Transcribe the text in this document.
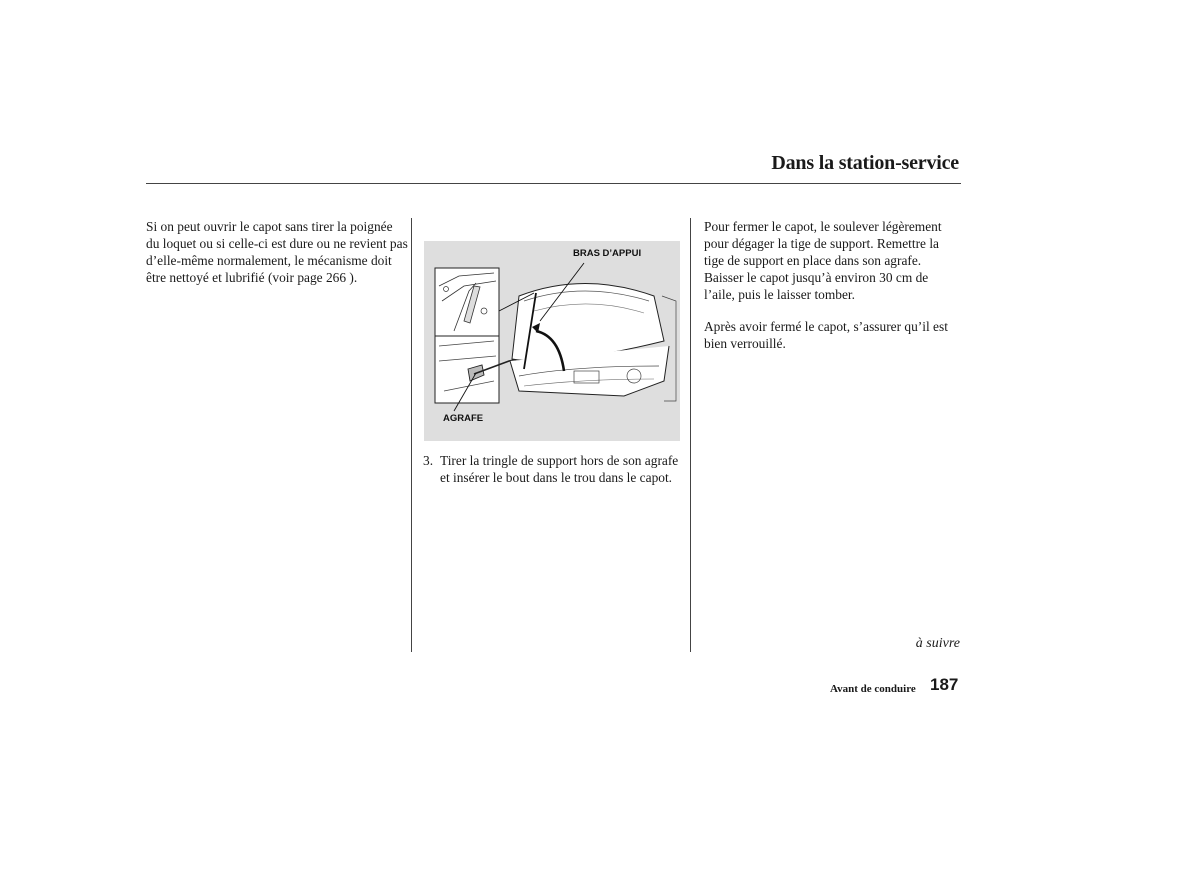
Dans la station-service

Si on peut ouvrir le capot sans tirer la poignée du loquet ou si celle-ci est dure ou ne revient pas d’elle-même normalement, le mécanisme doit être nettoyé et lubrifié (voir page 266 ).

BRAS D’APPUI
AGRAFE
3. Tirer la tringle de support hors de son agrafe et insérer le bout dans le trou dans le capot.

Pour fermer le capot, le soulever légèrement pour dégager la tige de support. Remettre la tige de support en place dans son agrafe. Baisser le capot jusqu’à environ 30 cm de l’aile, puis le laisser tomber.

Après avoir fermé le capot, s’assurer qu’il est bien verrouillé.

à suivre
Avant de conduire 187
